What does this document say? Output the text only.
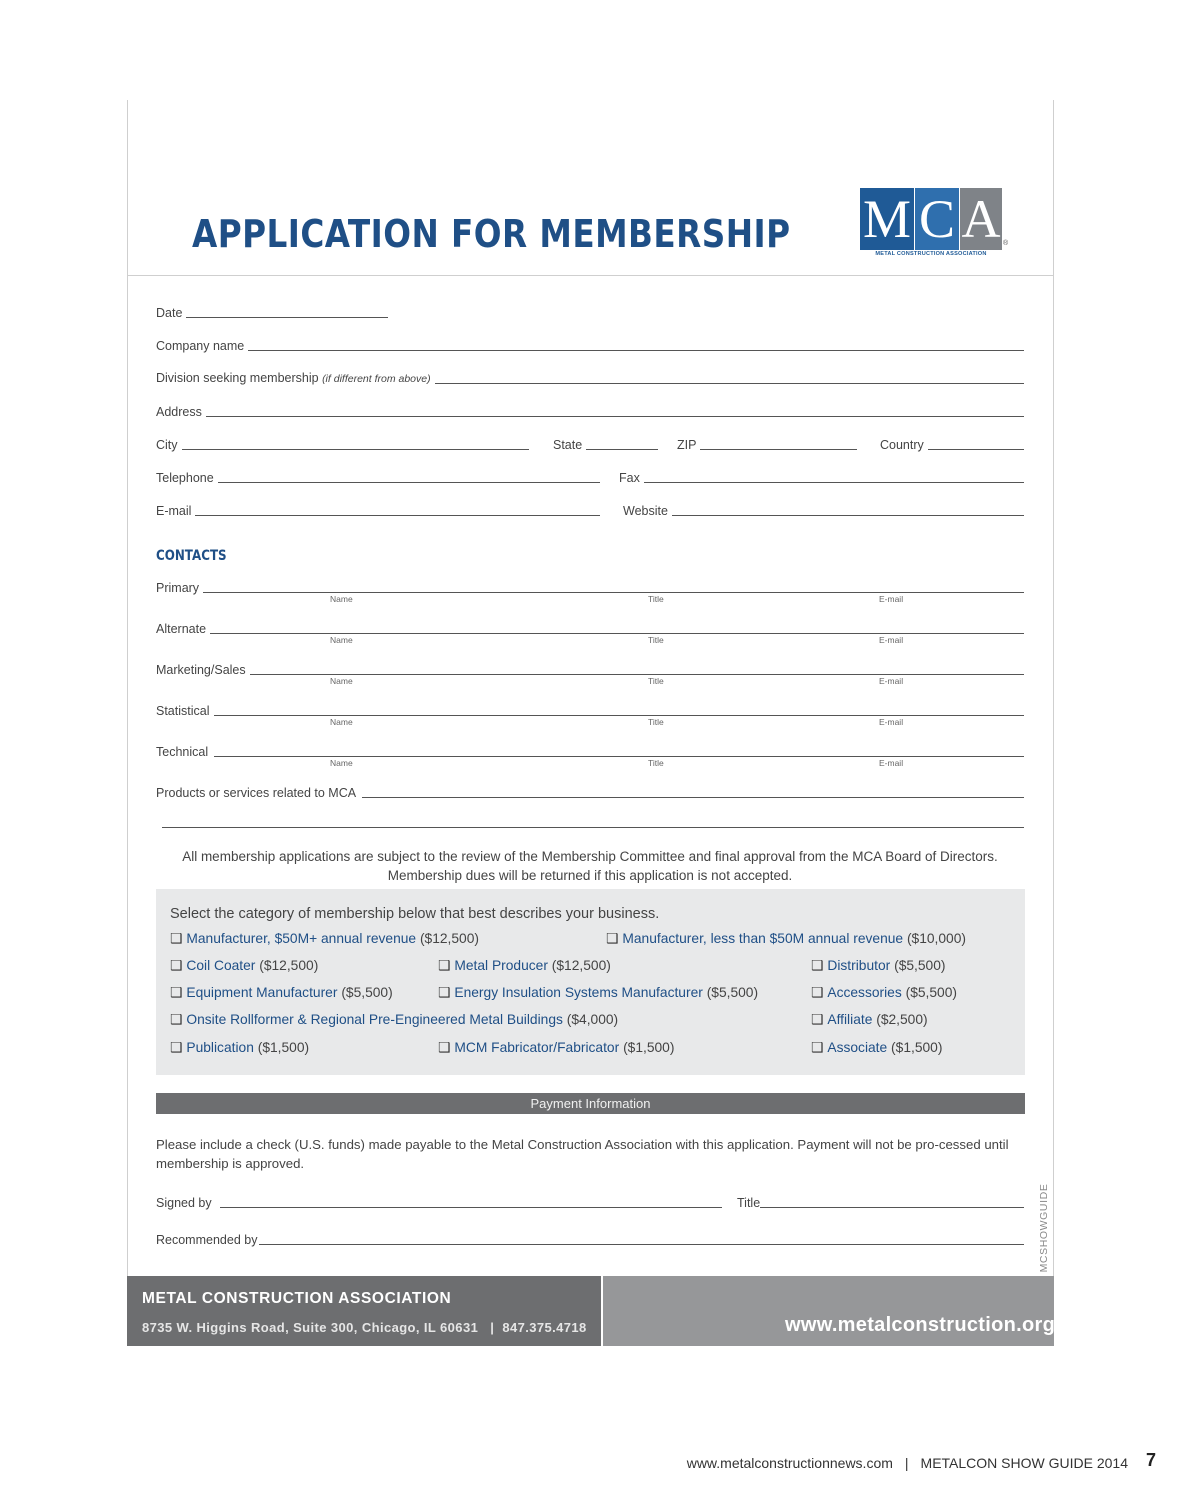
APPLICATION FOR MEMBERSHIP M C A ®
METAL CONSTRUCTION ASSOCIATION
Date
Company name
Division seeking membership (if different from above)
Address
City	State	ZIP	Country
Telephone	Fax
E-mail	Website
CONTACTS
Primary
Name	Title	E-mail
Alternate
Name	Title	E-mail
Marketing/Sales
Name	Title	E-mail
Statistical
Name	Title	E-mail
Technical
Name	Title	E-mail
Products or services related to MCA
All membership applications are subject to the review of the Membership Committee and final approval from the MCA Board of Directors.
Membership dues will be returned if this application is not accepted.
Select the category of membership below that best describes your business.
❑ Manufacturer, $50M+ annual revenue ($12,500)	❑ Manufacturer, less than $50M annual revenue ($10,000)
❑ Coil Coater ($12,500)	❑ Metal Producer ($12,500)	❑ Distributor ($5,500)
❑ Equipment Manufacturer ($5,500)	❑ Energy Insulation Systems Manufacturer ($5,500)	❑ Accessories ($5,500)
❑ Onsite Rollformer & Regional Pre-Engineered Metal Buildings ($4,000)	❑ Affiliate ($2,500)
❑ Publication ($1,500)	❑ MCM Fabricator/Fabricator ($1,500)	❑ Associate ($1,500)
Payment Information
Please include a check (U.S. funds) made payable to the Metal Construction Association with this application. Payment will not be pro-cessed until membership is approved.
Signed by	Title
Recommended by	MCSHOWGUIDE
METAL CONSTRUCTION ASSOCIATION
8735 W. Higgins Road, Suite 300, Chicago, IL 60631 | 847.375.4718	www.metalconstruction.org
www.metalconstructionnews.com | METALCON SHOW GUIDE 2014 7
